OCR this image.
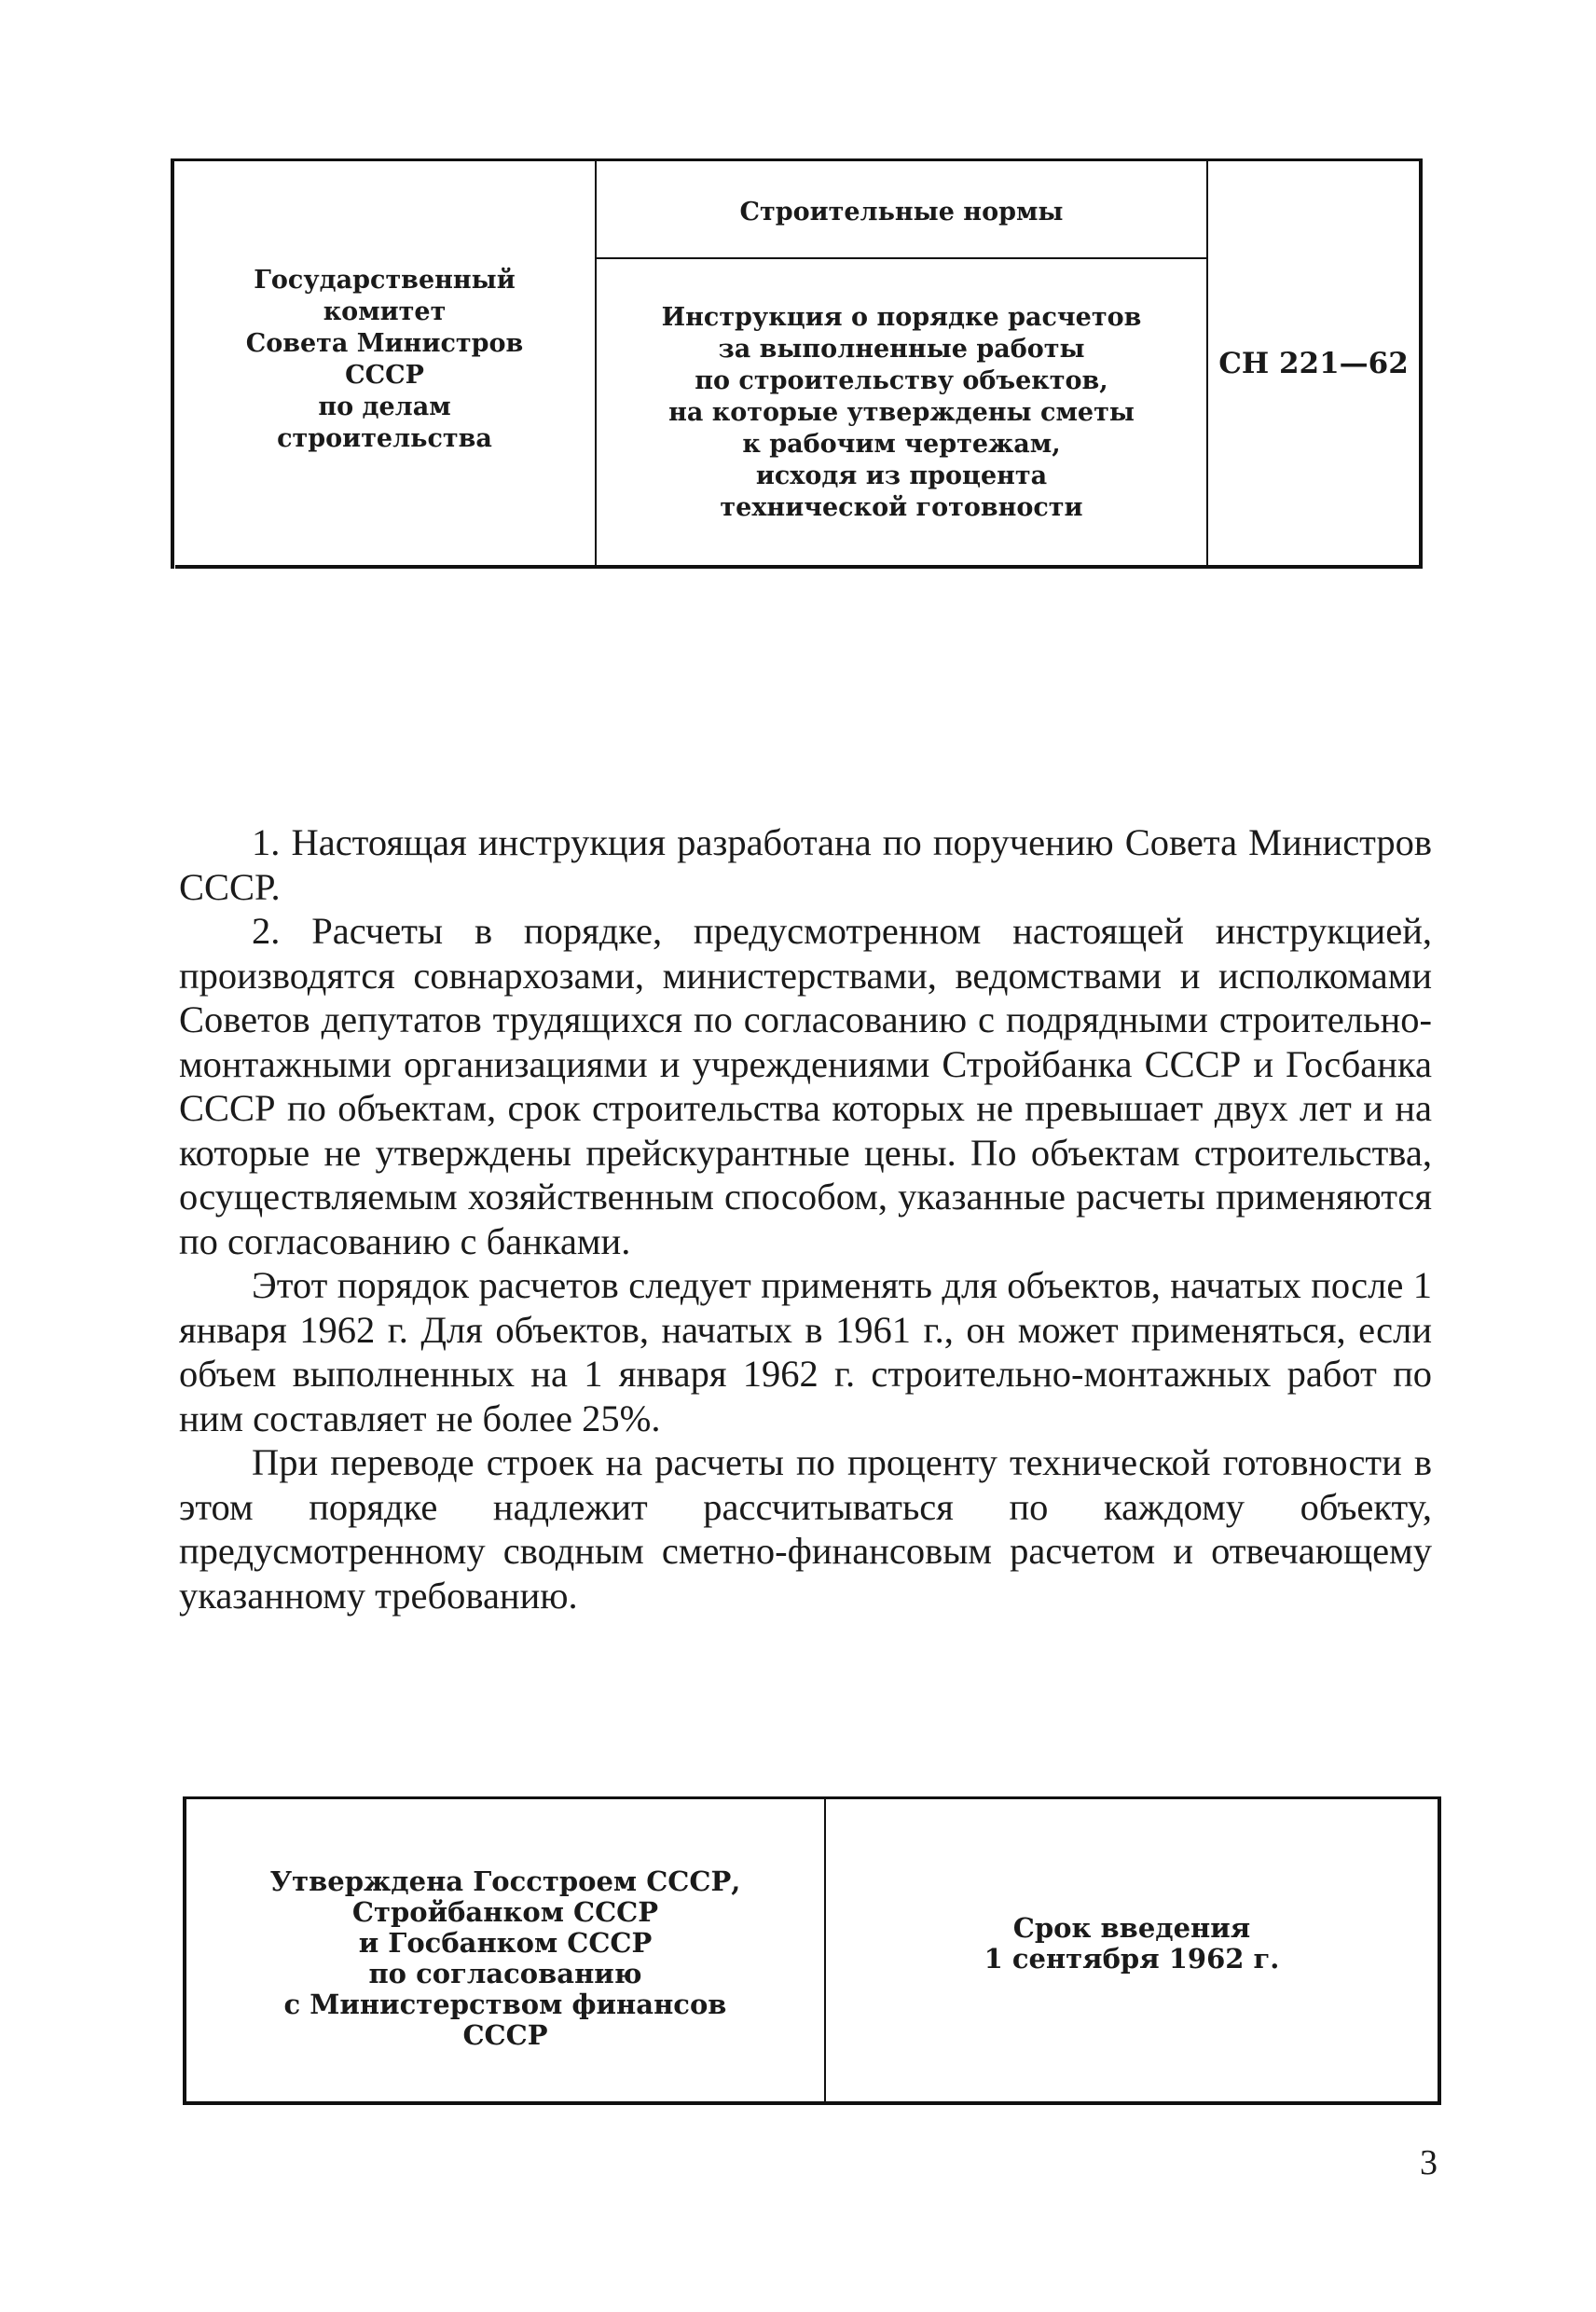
Государственный
комитет
Совета Министров
СССР
по делам
строительства
Строительные нормы
Инструкция о порядке расчетов
за выполненные работы
по строительству объектов,
на которые утверждены сметы
к рабочим чертежам,
исходя из процента
технической готовности
СН 221—62

1. Настоящая инструкция разработана по поручению Совета Министров СССР.

2. Расчеты в порядке, предусмотренном настоящей инструкцией, производятся совнархозами, министерствами, ведомствами и исполкомами Советов депутатов трудящихся по согласованию с подрядными строительно-монтажными организациями и учреждениями Стройбанка СССР и Госбанка СССР по объектам, срок строительства которых не превышает двух лет и на которые не утверждены прейскурантные цены. По объектам строительства, осуществляемым хозяйственным способом, указанные расчеты применяются по согласованию с банками.

Этот порядок расчетов следует применять для объектов, начатых после 1 января 1962 г. Для объектов, начатых в 1961 г., он может применяться, если объем выполненных на 1 января 1962 г. строительно-монтажных работ по ним составляет не более 25%.

При переводе строек на расчеты по проценту технической готовности в этом порядке надлежит рассчитываться по каждому объекту, предусмотренному сводным сметно-финансовым расчетом и отвечающему указанному требованию.

Утверждена Госстроем СССР,
Стройбанком СССР
и Госбанком СССР
по согласованию
с Министерством финансов
СССР
Срок введения
1 сентября 1962 г.
3
